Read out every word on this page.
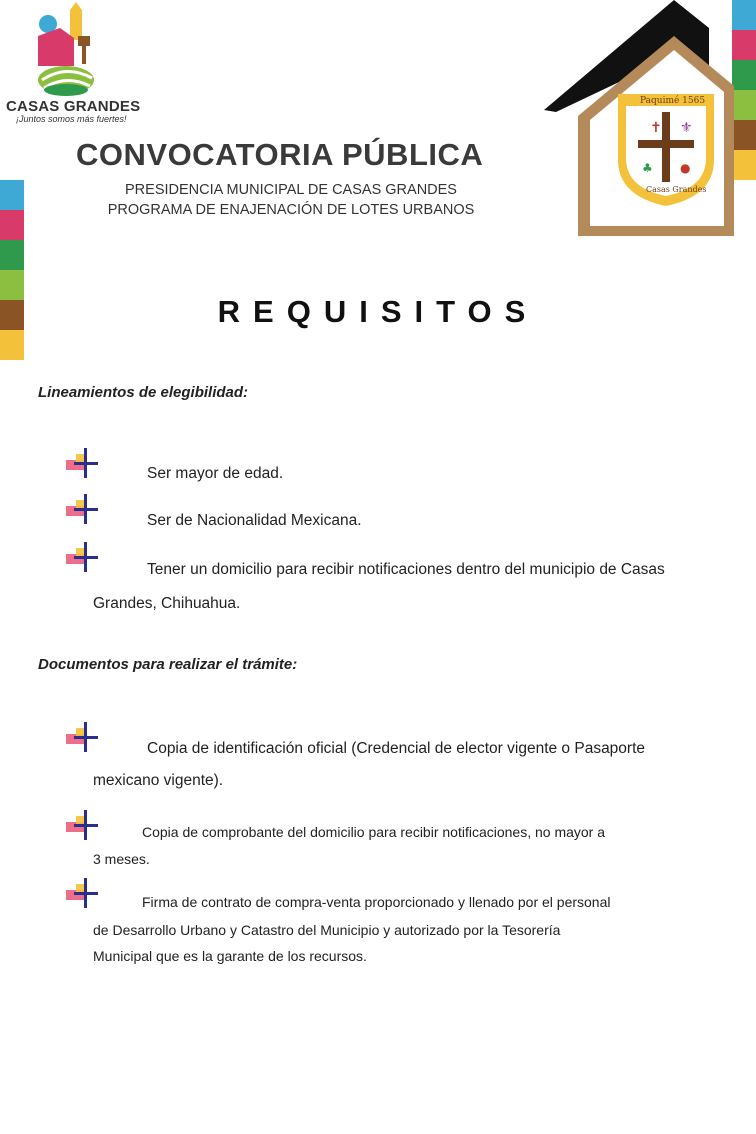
CASAS GRANDES
¡Juntos somos más fuertes!
✝ ⚜
♣ ●
Paquimé 1565
Casas Grandes
CONVOCATORIA PÚBLICA
PRESIDENCIA MUNICIPAL DE CASAS GRANDES
PROGRAMA DE ENAJENACIÓN DE LOTES URBANOS
REQUISITOS
Lineamientos de elegibilidad:
Ser mayor de edad.
Ser de Nacionalidad Mexicana.
Tener un domicilio para recibir notificaciones dentro del municipio de Casas
Grandes, Chihuahua.
Documentos para realizar el trámite:
Copia de identificación oficial (Credencial de elector vigente o Pasaporte
mexicano vigente).
Copia de comprobante del domicilio para recibir notificaciones, no mayor a
3 meses.
Firma de contrato de compra-venta proporcionado y llenado por el personal
de Desarrollo Urbano y Catastro del Municipio y autorizado por la Tesorería
Municipal que es la garante de los recursos.
